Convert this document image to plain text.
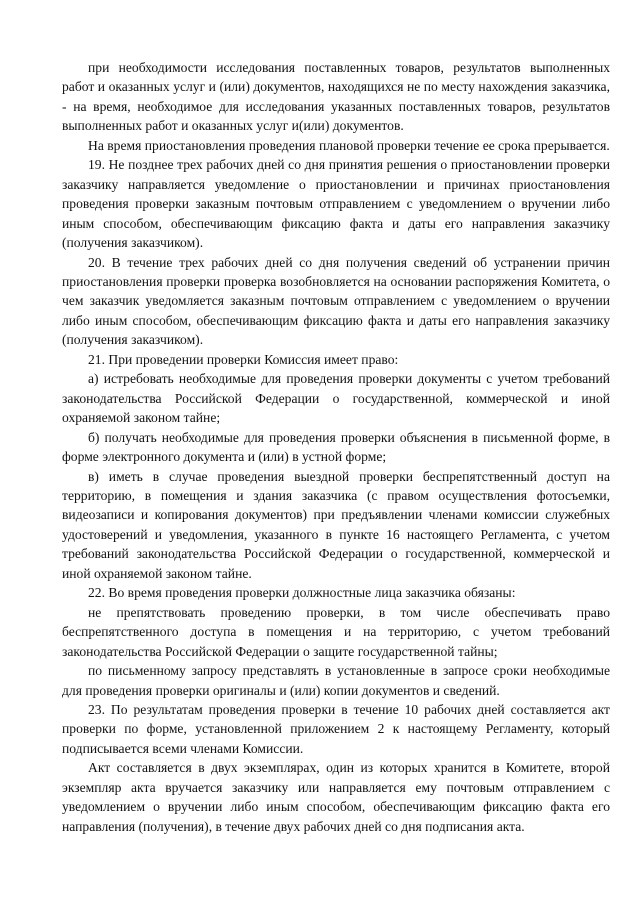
при необходимости исследования поставленных товаров, результатов выполненных работ и оказанных услуг и (или) документов, находящихся не по месту нахождения заказчика, - на время, необходимое для исследования указанных поставленных товаров, результатов выполненных работ и оказанных услуг и(или) документов.

На время приостановления проведения плановой проверки течение ее срока прерывается.

19. Не позднее трех рабочих дней со дня принятия решения о приостановлении проверки заказчику направляется уведомление о приостановлении и причинах приостановления проведения проверки заказным почтовым отправлением с уведомлением о вручении либо иным способом, обеспечивающим фиксацию факта и даты его направления заказчику (получения заказчиком).

20. В течение трех рабочих дней со дня получения сведений об устранении причин приостановления проверки проверка возобновляется на основании распоряжения Комитета, о чем заказчик уведомляется заказным почтовым отправлением с уведомлением о вручении либо иным способом, обеспечивающим фиксацию факта и даты его направления заказчику (получения заказчиком).

21. При проведении проверки Комиссия имеет право:

а) истребовать необходимые для проведения проверки документы с учетом требований законодательства Российской Федерации о государственной, коммерческой и иной охраняемой законом тайне;

б) получать необходимые для проведения проверки объяснения в письменной форме, в форме электронного документа и (или) в устной форме;

в) иметь в случае проведения выездной проверки беспрепятственный доступ на территорию, в помещения и здания заказчика (с правом осуществления фотосъемки, видеозаписи и копирования документов) при предъявлении членами комиссии служебных удостоверений и уведомления, указанного в пункте 16 настоящего Регламента, с учетом требований законодательства Российской Федерации о государственной, коммерческой и иной охраняемой законом тайне.

22. Во время проведения проверки должностные лица заказчика обязаны:

не препятствовать проведению проверки, в том числе обеспечивать право беспрепятственного доступа в помещения и на территорию, с учетом требований законодательства Российской Федерации о защите государственной тайны;

по письменному запросу представлять в установленные в запросе сроки необходимые для проведения проверки оригиналы и (или) копии документов и сведений.

23. По результатам проведения проверки в течение 10 рабочих дней составляется акт проверки по форме, установленной приложением 2 к настоящему Регламенту, который подписывается всеми членами Комиссии.

Акт составляется в двух экземплярах, один из которых хранится в Комитете, второй экземпляр акта вручается заказчику или направляется ему почтовым отправлением с уведомлением о вручении либо иным способом, обеспечивающим фиксацию факта его направления (получения), в течение двух рабочих дней со дня подписания акта.
